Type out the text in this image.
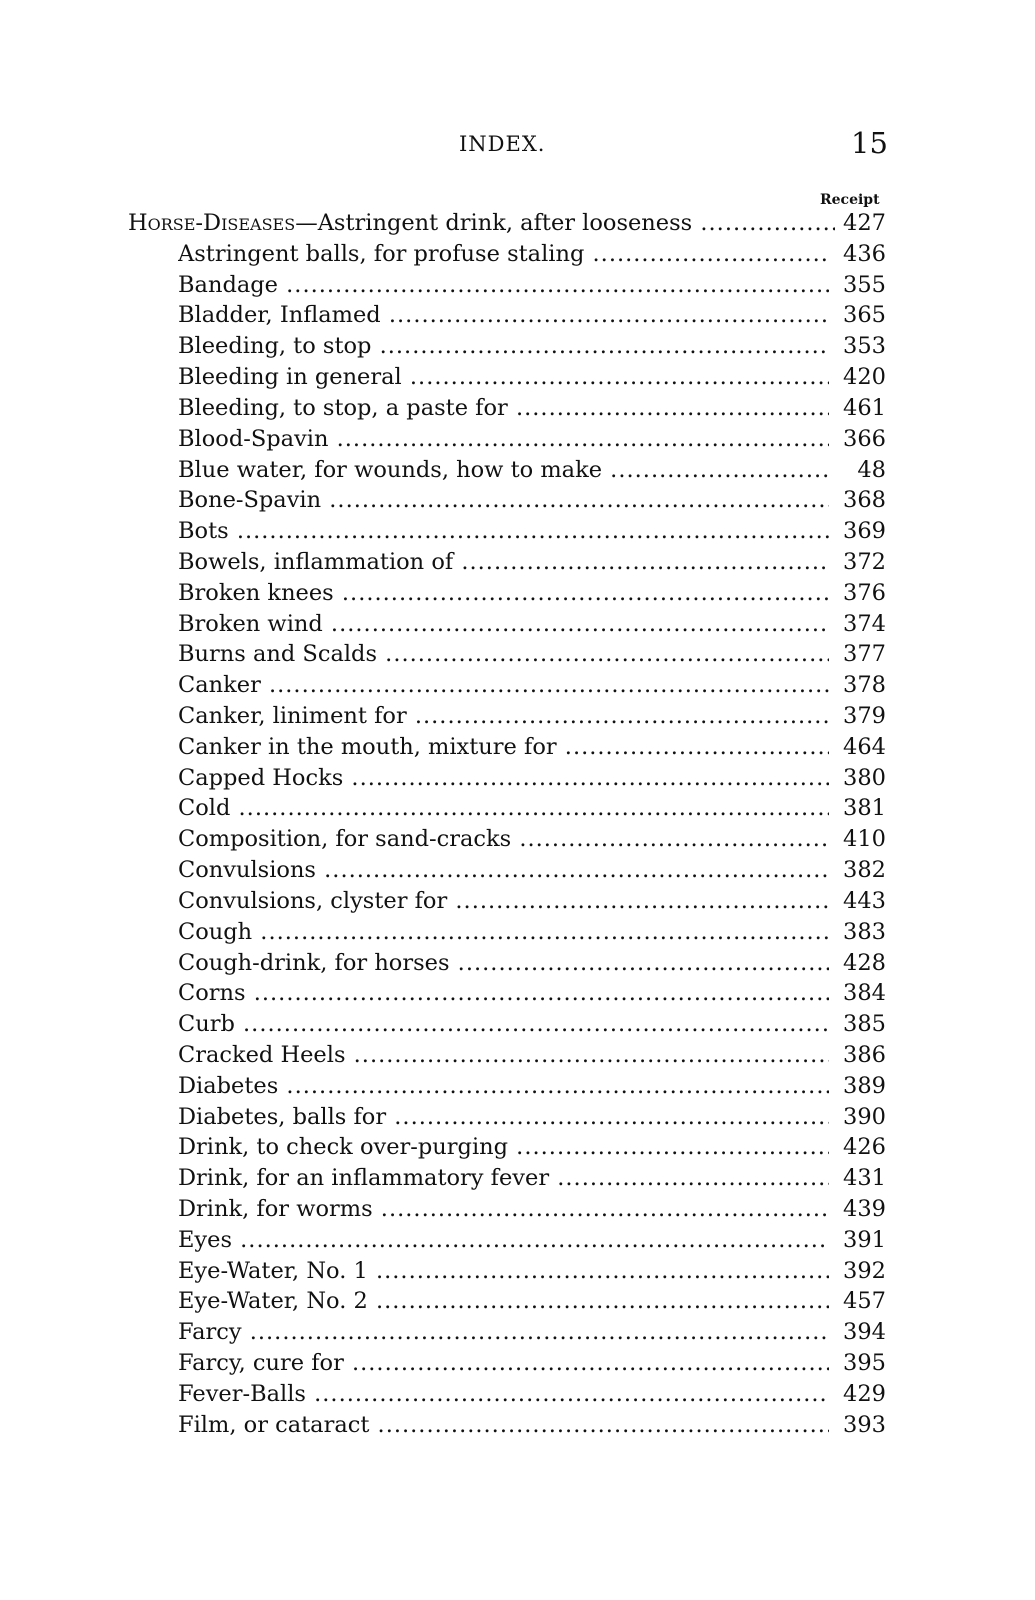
INDEX.	15
Receipt
Horse-Diseases—Astringent drink, after looseness .....	427
Astringent balls, for profuse staling .....	436
Bandage .....	355
Bladder, Inflamed .....	365
Bleeding, to stop .....	353
Bleeding in general .....	420
Bleeding, to stop, a paste for .....	461
Blood-Spavin .....	366
Blue water, for wounds, how to make .....	48
Bone-Spavin .....	368
Bots .....	369
Bowels, inflammation of .....	372
Broken knees .....	376
Broken wind .....	374
Burns and Scalds .....	377
Canker .....	378
Canker, liniment for .....	379
Canker in the mouth, mixture for .....	464
Capped Hocks .....	380
Cold .....	381
Composition, for sand-cracks .....	410
Convulsions .....	382
Convulsions, clyster for .....	443
Cough .....	383
Cough-drink, for horses .....	428
Corns .....	384
Curb .....	385
Cracked Heels .....	386
Diabetes .....	389
Diabetes, balls for .....	390
Drink, to check over-purging .....	426
Drink, for an inflammatory fever .....	431
Drink, for worms .....	439
Eyes .....	391
Eye-Water, No. 1 .....	392
Eye-Water, No. 2 .....	457
Farcy .....	394
Farcy, cure for .....	395
Fever-Balls .....	429
Film, or cataract .....	393
